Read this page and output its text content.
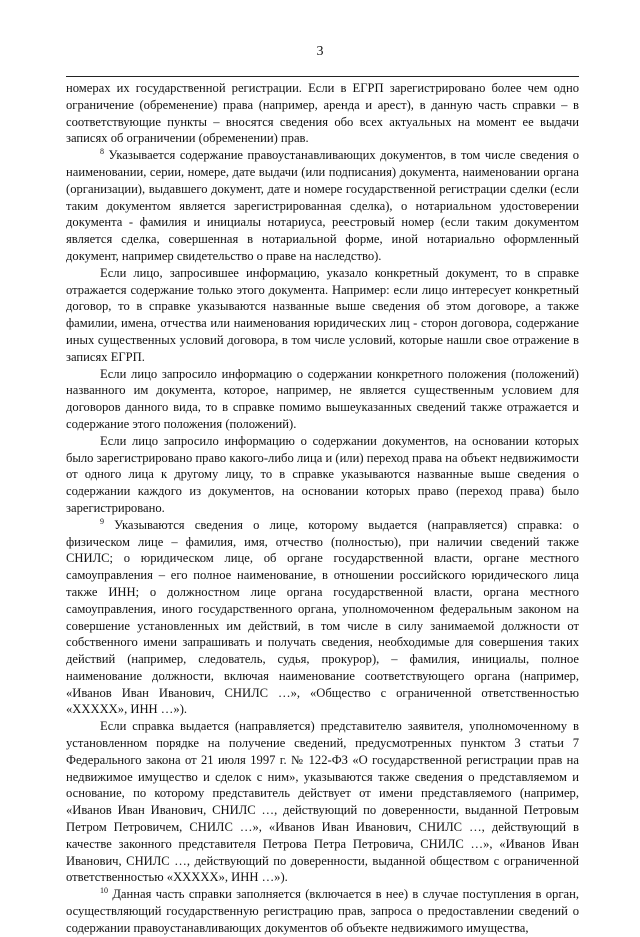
3

номерах их государственной регистрации. Если в ЕГРП зарегистрировано более чем одно ограничение (обременение) права (например, аренда и арест), в данную часть справки – в соответствующие пункты – вносятся сведения обо всех актуальных на момент ее выдачи записях об ограничении (обременении) прав.

$^8$ Указывается содержание правоустанавливающих документов, в том числе сведения о наименовании, серии, номере, дате выдачи (или подписания) документа, наименовании органа (организации), выдавшего документ, дате и номере государственной регистрации сделки (если таким документом является зарегистрированная сделка), о нотариальном удостоверении документа - фамилия и инициалы нотариуса, реестровый номер (если таким документом является сделка, совершенная в нотариальной форме, иной нотариально оформленный документ, например свидетельство о праве на наследство).

Если лицо, запросившее информацию, указало конкретный документ, то в справке отражается содержание только этого документа. Например: если лицо интересует конкретный договор, то в справке указываются названные выше сведения об этом договоре, а также фамилии, имена, отчества или наименования юридических лиц - сторон договора, содержание иных существенных условий договора, в том числе условий, которые нашли свое отражение в записях ЕГРП.

Если лицо запросило информацию о содержании конкретного положения (положений) названного им документа, которое, например, не является существенным условием для договоров данного вида, то в справке помимо вышеуказанных сведений также отражается и содержание этого положения (положений).

Если лицо запросило информацию о содержании документов, на основании которых было зарегистрировано право какого-либо лица и (или) переход права на объект недвижимости от одного лица к другому лицу, то в справке указываются названные выше сведения о содержании каждого из документов, на основании которых право (переход права) было зарегистрировано.

$^9$ Указываются сведения о лице, которому выдается (направляется) справка: о физическом лице – фамилия, имя, отчество (полностью), при наличии сведений также СНИЛС; о юридическом лице, об органе государственной власти, органе местного самоуправления – его полное наименование, в отношении российского юридического лица также ИНН; о должностном лице органа государственной власти, органа местного самоуправления, иного государственного органа, уполномоченном федеральным законом на совершение установленных им действий, в том числе в силу занимаемой должности от собственного имени запрашивать и получать сведения, необходимые для совершения таких действий (например, следователь, судья, прокурор), – фамилия, инициалы, полное наименование должности, включая наименование соответствующего органа (например, «Иванов Иван Иванович, СНИЛС …», «Общество с ограниченной ответственностью «ХХХХХ», ИНН …»).

Если справка выдается (направляется) представителю заявителя, уполномоченному в установленном порядке на получение сведений, предусмотренных пунктом 3 статьи 7 Федерального закона от 21 июля 1997 г. № 122-ФЗ «О государственной регистрации прав на недвижимое имущество и сделок с ним», указываются также сведения о представляемом и основание, по которому представитель действует от имени представляемого (например, «Иванов Иван Иванович, СНИЛС …, действующий по доверенности, выданной Петровым Петром Петровичем, СНИЛС …», «Иванов Иван Иванович, СНИЛС …, действующий в качестве законного представителя Петрова Петра Петровича, СНИЛС …», «Иванов Иван Иванович, СНИЛС …, действующий по доверенности, выданной обществом с ограниченной ответственностью «ХХХХХ», ИНН …»).

$^{10}$ Данная часть справки заполняется (включается в нее) в случае поступления в орган, осуществляющий государственную регистрацию прав, запроса о предоставлении сведений о содержании правоустанавливающих документов об объекте недвижимого имущества,
